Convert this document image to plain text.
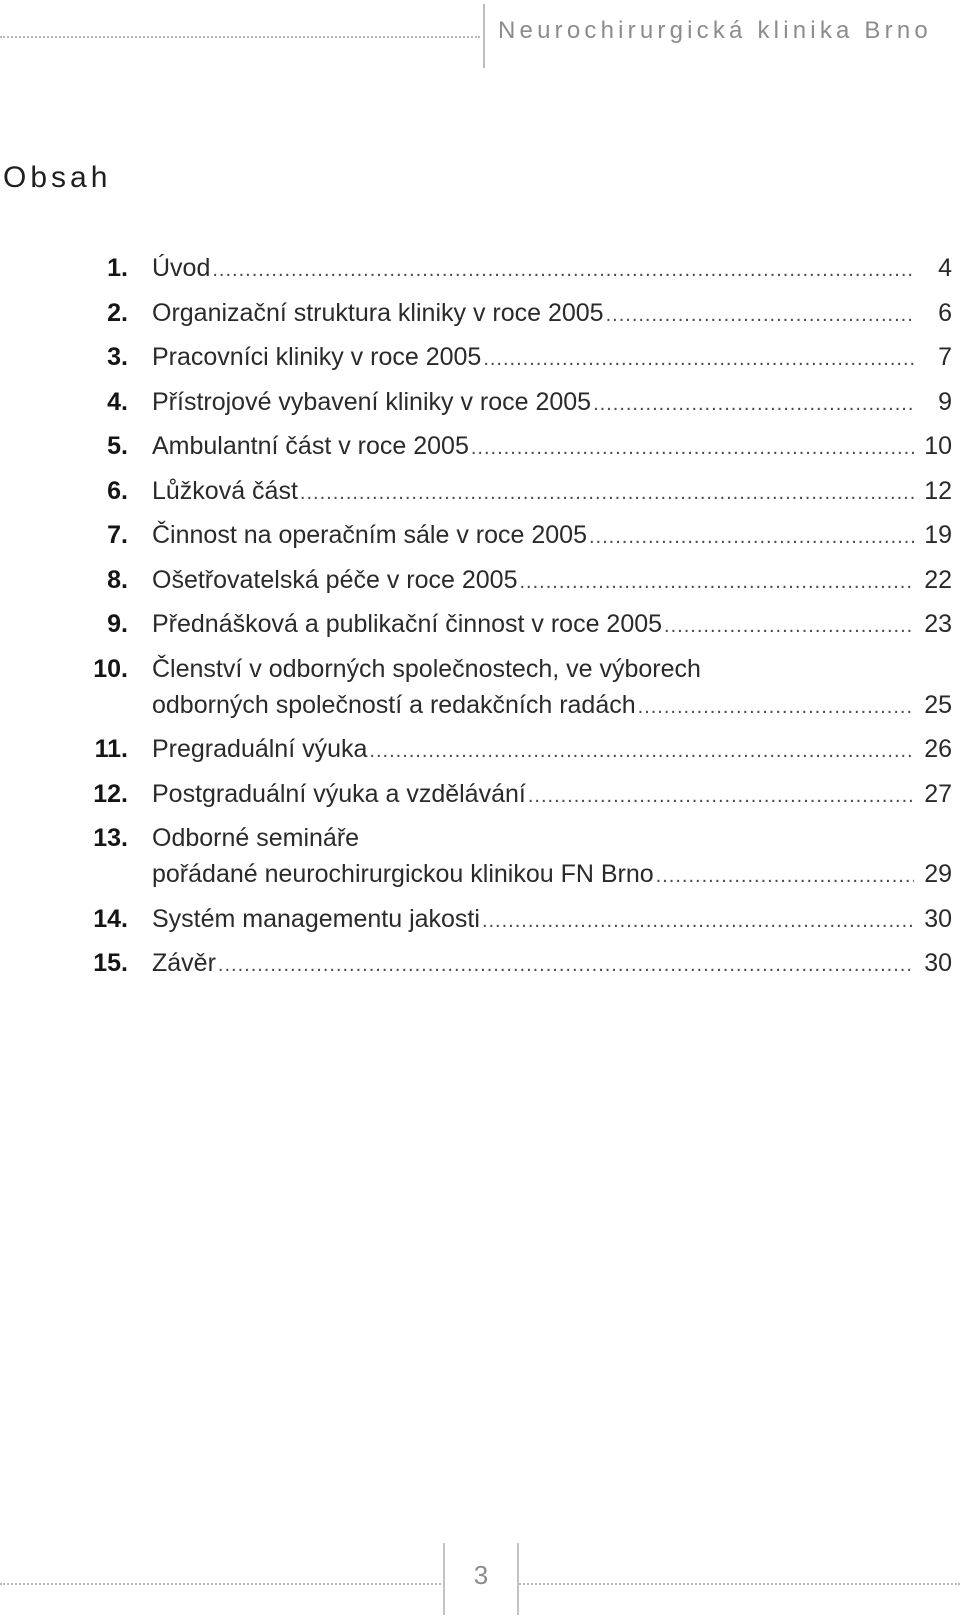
Neurochirurgická klinika Brno
Obsah
1. Úvod .....	4
2. Organizační struktura kliniky v roce 2005 .....	6
3. Pracovníci kliniky v roce 2005 .....	7
4. Přístrojové vybavení kliniky v roce 2005 .....	9
5. Ambulantní část v roce 2005 .....	10
6. Lůžková část .....	12
7. Činnost na operačním sále v roce 2005 .....	19
8. Ošetřovatelská péče v roce 2005 .....	22
9. Přednášková a publikační činnost v roce 2005 .....	23
10. Členství v odborných společnostech, ve výborech
odborných společností a redakčních radách .....	25
11. Pregraduální výuka .....	26
12. Postgraduální výuka a vzdělávání .....	27
13. Odborné semináře
pořádané neurochirurgickou klinikou FN Brno .....	29
14. Systém managementu jakosti .....	30
15. Závěr .....	30
3
